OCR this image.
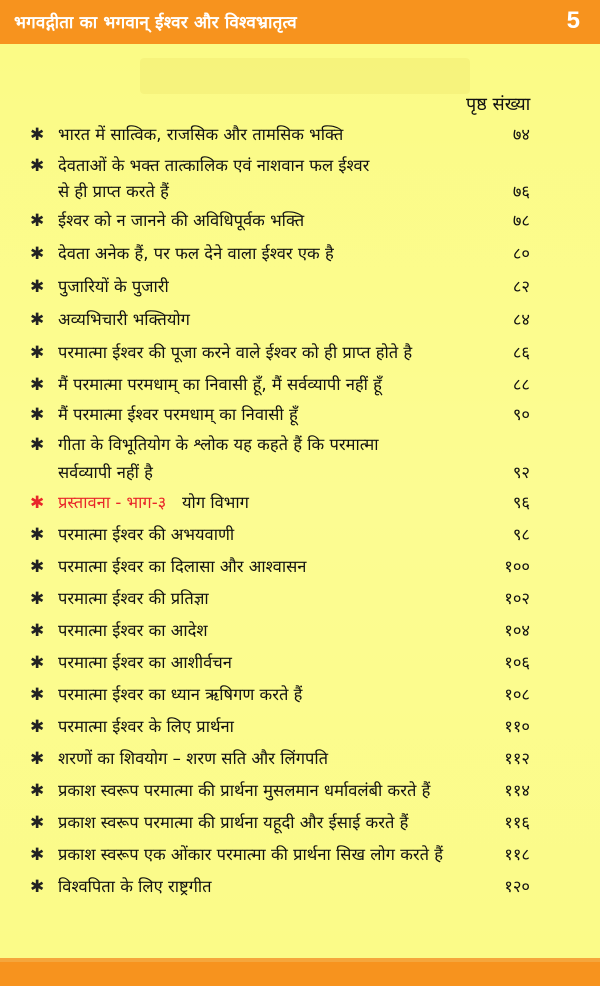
भगवद्गीता का भगवान् ईश्वर और विश्वभ्रातृत्व	5
पृष्ठ संख्या
✱ भारत में सात्विक, राजसिक और तामसिक भक्ति	७४
✱ देवताओं के भक्त तात्कालिक एवं नाशवान फल ईश्वर
से ही प्राप्त करते हैं	७६
✱ ईश्वर को न जानने की अविधिपूर्वक भक्ति	७८
✱ देवता अनेक हैं, पर फल देने वाला ईश्वर एक है	८०
✱ पुजारियों के पुजारी	८२
✱ अव्यभिचारी भक्तियोग	८४
✱ परमात्मा ईश्वर की पूजा करने वाले ईश्वर को ही प्राप्त होते है	८६
✱ मैं परमात्मा परमधाम् का निवासी हूँ, मैं सर्वव्यापी नहीं हूँ	८८
✱ मैं परमात्मा ईश्वर परमधाम् का निवासी हूँ	९०
✱ गीता के विभूतियोग के श्लोक यह कहते हैं कि परमात्मा
सर्वव्यापी नहीं है	९२
✱ प्रस्तावना - भाग-३ योग विभाग	९६
✱ परमात्मा ईश्वर की अभयवाणी	९८
✱ परमात्मा ईश्वर का दिलासा और आश्वासन	१००
✱ परमात्मा ईश्वर की प्रतिज्ञा	१०२
✱ परमात्मा ईश्वर का आदेश	१०४
✱ परमात्मा ईश्वर का आशीर्वचन	१०६
✱ परमात्मा ईश्वर का ध्यान ऋषिगण करते हैं	१०८
✱ परमात्मा ईश्वर के लिए प्रार्थना	११०
✱ शरणों का शिवयोग – शरण सति और लिंगपति	११२
✱ प्रकाश स्वरूप परमात्मा की प्रार्थना मुसलमान धर्मावलंबी करते हैं	११४
✱ प्रकाश स्वरूप परमात्मा की प्रार्थना यहूदी और ईसाई करते हैं	११६
✱ प्रकाश स्वरूप एक ओंकार परमात्मा की प्रार्थना सिख लोग करते हैं	११८
✱ विश्वपिता के लिए राष्ट्रगीत	१२०
